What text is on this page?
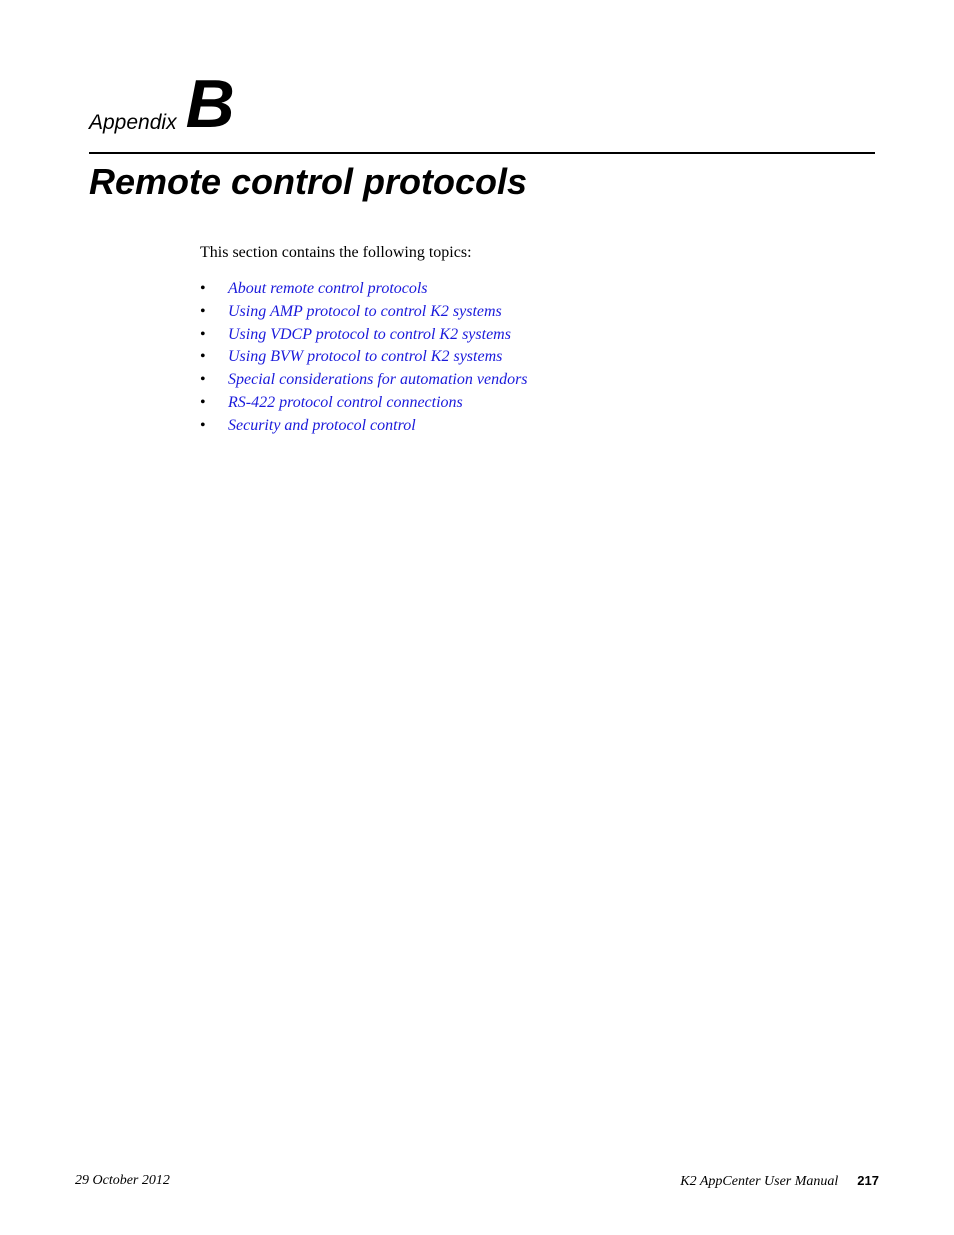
Appendix B
Remote control protocols

This section contains the following topics:

•	About remote control protocols
•	Using AMP protocol to control K2 systems
•	Using VDCP protocol to control K2 systems
•	Using BVW protocol to control K2 systems
•	Special considerations for automation vendors
•	RS-422 protocol control connections
•	Security and protocol control
29 October 2012	K2 AppCenter User Manual 217
